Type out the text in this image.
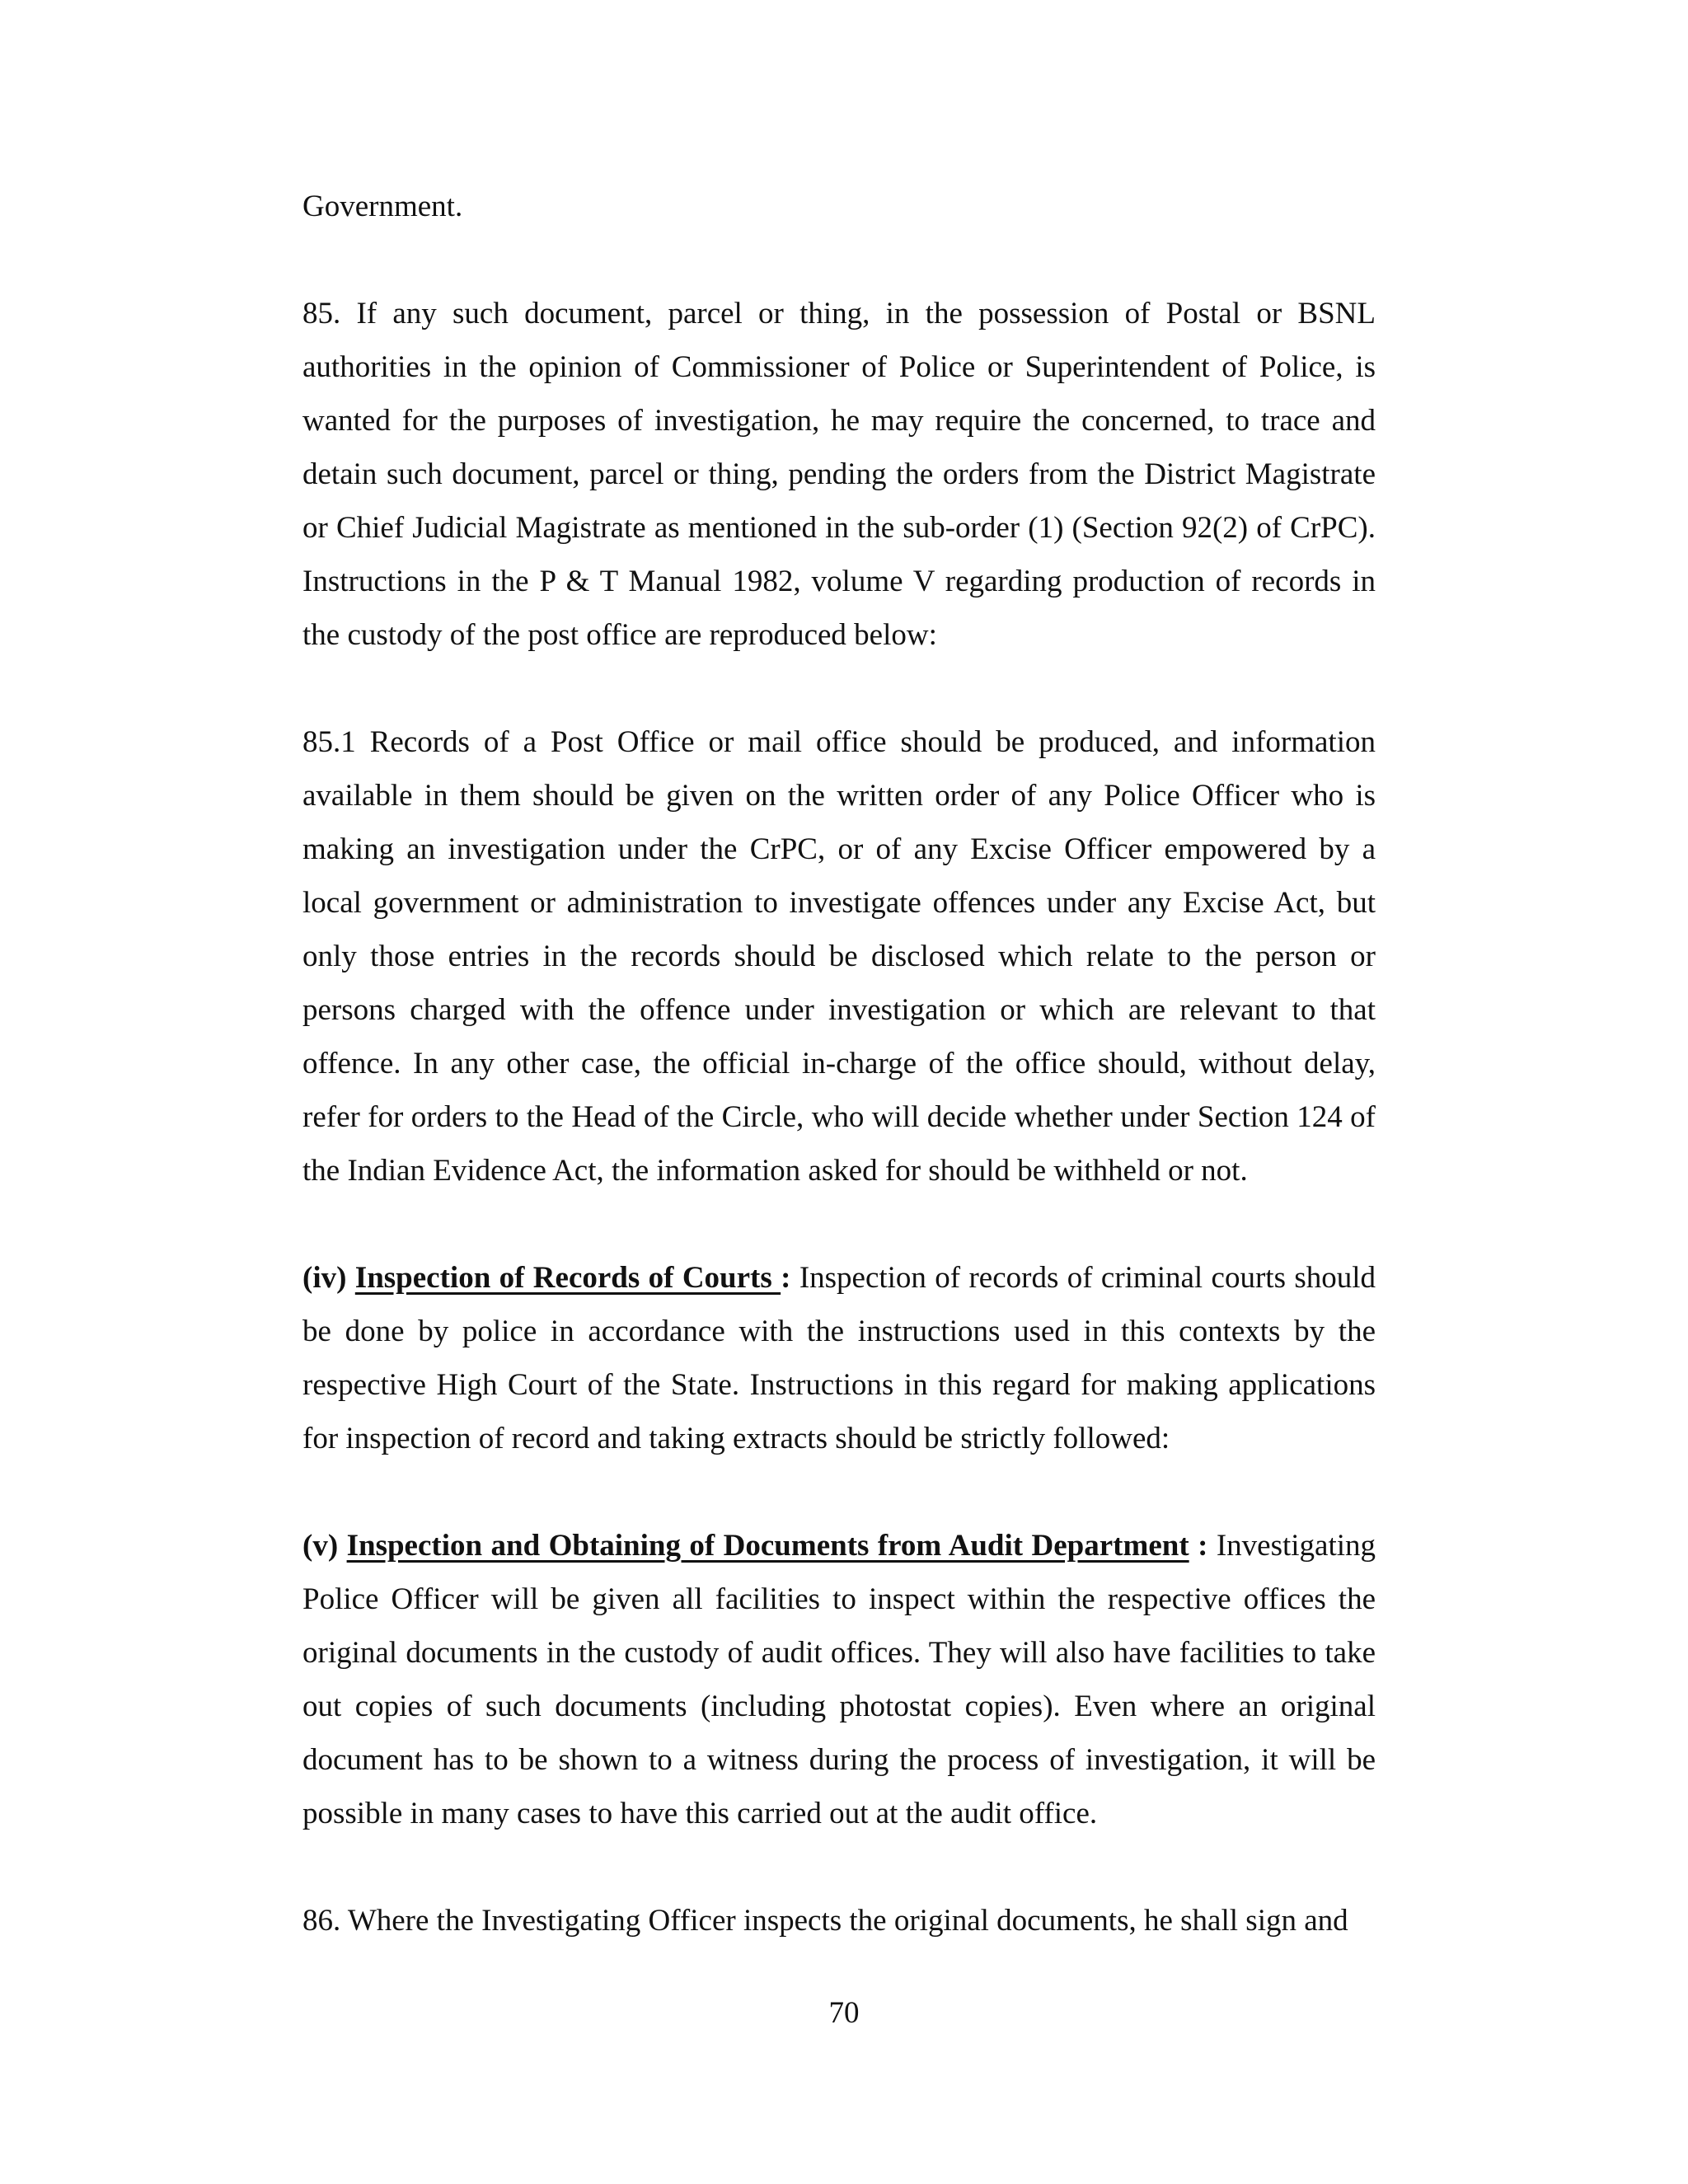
Government.

85. If any such document, parcel or thing, in the possession of Postal or BSNL authorities in the opinion of Commissioner of Police or Superintendent of Police, is wanted for the purposes of investigation, he may require the concerned, to trace and detain such document, parcel or thing, pending the orders from the District Magistrate or Chief Judicial Magistrate as mentioned in the sub-order (1) (Section 92(2) of CrPC). Instructions in the P & T Manual 1982, volume V regarding production of records in the custody of the post office are reproduced below:

85.1 Records of a Post Office or mail office should be produced, and information available in them should be given on the written order of any Police Officer who is making an investigation under the CrPC, or of any Excise Officer empowered by a local government or administration to investigate offences under any Excise Act, but only those entries in the records should be disclosed which relate to the person or persons charged with the offence under investigation or which are relevant to that offence. In any other case, the official in-charge of the office should, without delay, refer for orders to the Head of the Circle, who will decide whether under Section 124 of the Indian Evidence Act, the information asked for should be withheld or not.

(iv) Inspection of Records of Courts : Inspection of records of criminal courts should be done by police in accordance with the instructions used in this contexts by the respective High Court of the State. Instructions in this regard for making applications for inspection of record and taking extracts should be strictly followed:

(v) Inspection and Obtaining of Documents from Audit Department : Investigating Police Officer will be given all facilities to inspect within the respective offices the original documents in the custody of audit offices. They will also have facilities to take out copies of such documents (including photostat copies). Even where an original document has to be shown to a witness during the process of investigation, it will be possible in many cases to have this carried out at the audit office.

86. Where the Investigating Officer inspects the original documents, he shall sign and

70
